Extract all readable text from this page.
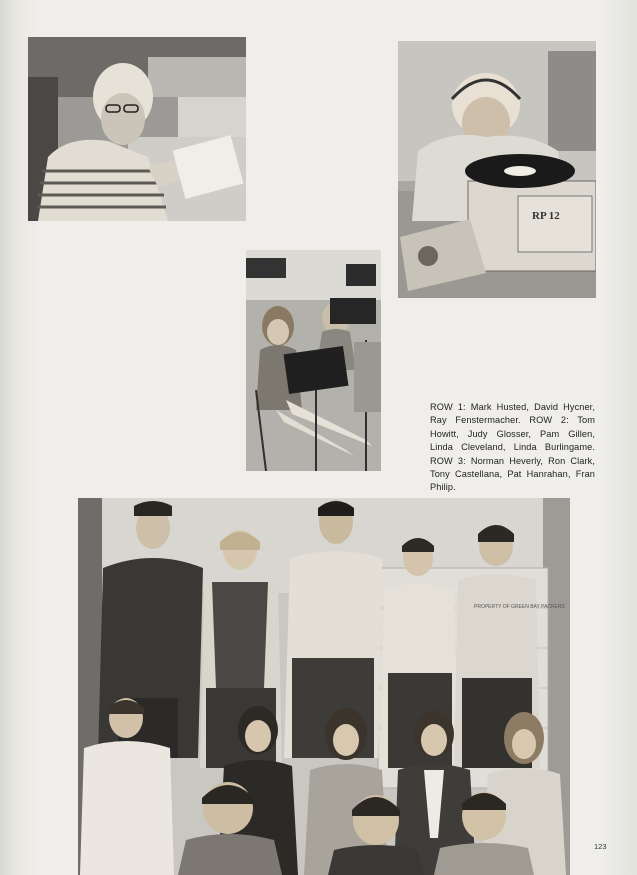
RP 12
ROW 1: Mark Husted, David Hycner, Ray Fenstermacher. ROW 2: Tom Howitt, Judy Glosser, Pam Gillen, Linda Cleveland, Linda Burlingame. ROW 3: Norman Heverly, Ron Clark, Tony Castellana, Pat Hanrahan, Fran Philip.
PROPERTY OF GREEN BAY PACKERS
123
